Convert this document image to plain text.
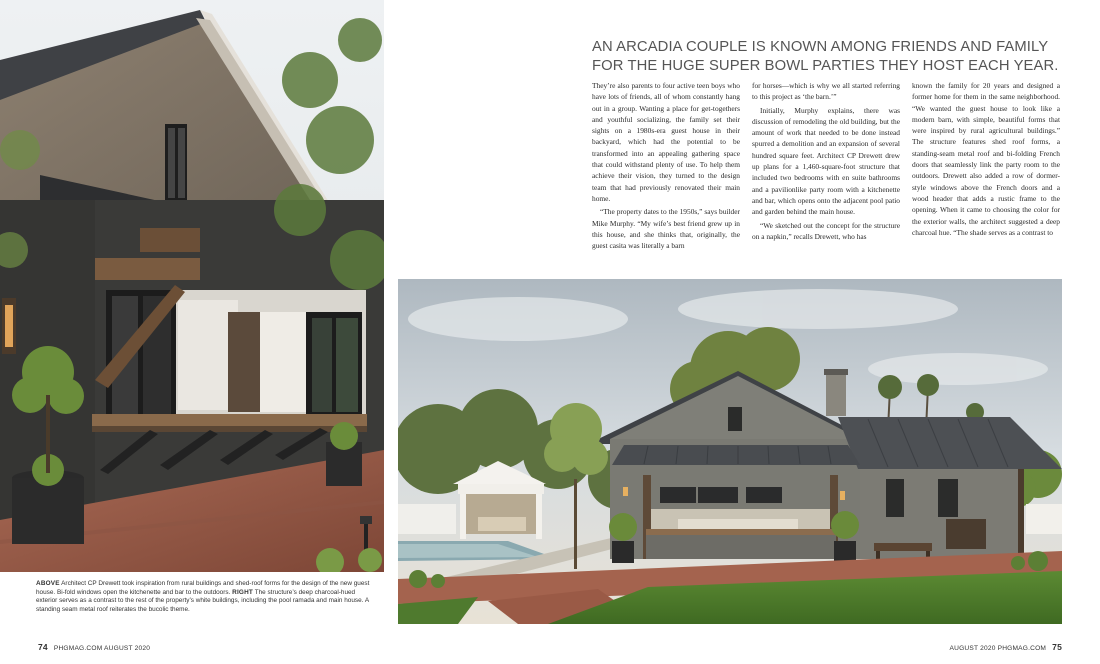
ABOVE Architect CP Drewett took inspiration from rural buildings and shed-roof forms for the design of the new guest house. Bi-fold windows open the kitchenette and bar to the outdoors. RIGHT The structure’s deep charcoal-hued exterior serves as a contrast to the rest of the property’s white buildings, including the pool ramada and main house. A standing seam metal roof reiterates the bucolic theme.
AN ARCADIA COUPLE IS KNOWN AMONG FRIENDS AND FAMILY
FOR THE HUGE SUPER BOWL PARTIES THEY HOST EACH YEAR.

They’re also parents to four active teen boys who have lots of friends, all of whom constantly hang out in a group. Wanting a place for get-togethers and youthful socializing, the family set their sights on a 1980s-era guest house in their backyard, which had the potential to be transformed into an appealing gathering space that could withstand plenty of use. To help them achieve their vision, they turned to the design team that had previously renovated their main home.

“The property dates to the 1950s,” says builder Mike Murphy. “My wife’s best friend grew up in this house, and she thinks that, originally, the guest casita was literally a barn

for horses—which is why we all started referring to this project as ‘the barn.’”

Initially, Murphy explains, there was discussion of remodeling the old building, but the amount of work that needed to be done instead spurred a demolition and an expansion of several hundred square feet. Architect CP Drewett drew up plans for a 1,460-square-foot structure that included two bedrooms with en suite bathrooms and a pavilionlike party room with a kitchenette and bar, which opens onto the adjacent pool patio and garden behind the main house.

“We sketched out the concept for the structure on a napkin,” recalls Drewett, who has

known the family for 20 years and designed a former home for them in the same neighborhood. “We wanted the guest house to look like a modern barn, with simple, beautiful forms that were inspired by rural agricultural buildings.” The structure features shed roof forms, a standing-seam metal roof and bi-folding French doors that seamlessly link the party room to the outdoors. Drewett also added a row of dormer-style windows above the French doors and a wood header that adds a rustic frame to the opening. When it came to choosing the color for the exterior walls, the architect suggested a deep charcoal hue. “The shade serves as a contrast to

74 PHGMAG.COM AUGUST 2020	AUGUST 2020 PHGMAG.COM 75
